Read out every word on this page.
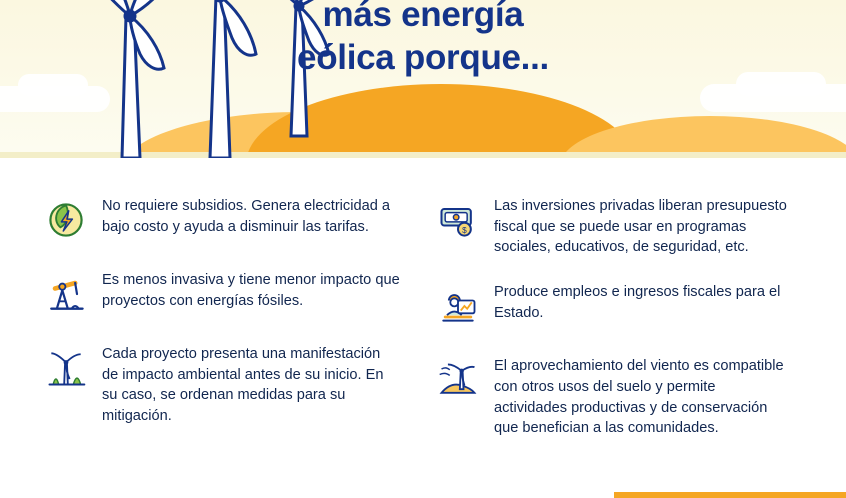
más energía
eólica porque...
No requiere subsidios. Genera electricidad a bajo costo y ayuda a disminuir las tarifas.
Es menos invasiva y tiene menor impacto que proyectos con energías fósiles.
Cada proyecto presenta una manifestación de impacto ambiental antes de su inicio. En su caso, se ordenan medidas para su mitigación.
$
Las inversiones privadas liberan presupuesto fiscal que se puede usar en programas sociales, educativos, de seguridad, etc.
Produce empleos e ingresos fiscales para el Estado.
El aprovechamiento del viento es compatible con otros usos del suelo y permite actividades productivas y de conservación que benefician a las comunidades.
